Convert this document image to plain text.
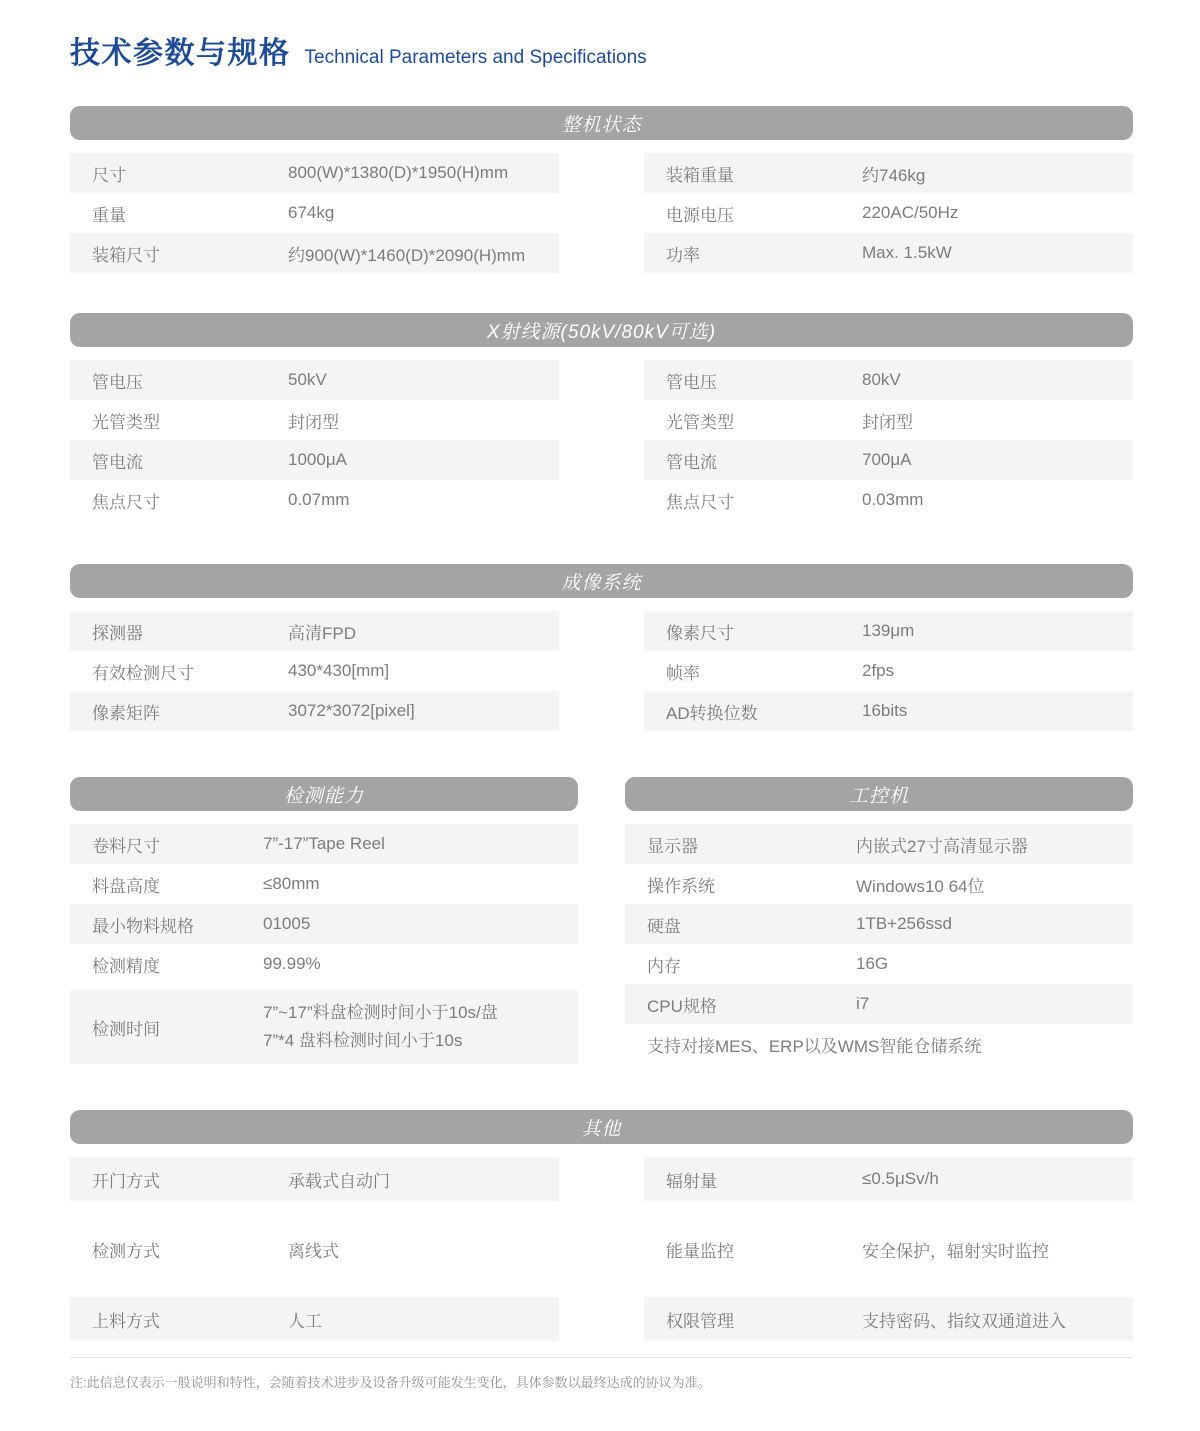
技术参数与规格 Technical Parameters and Specifications
整机状态
尺寸	800(W)*1380(D)*1950(H)mm
重量	674kg
装箱尺寸	约900(W)*1460(D)*2090(H)mm
装箱重量	约746kg
电源电压	220AC/50Hz
功率	Max. 1.5kW
X射线源(50kV/80kV可选)
管电压	50kV
光管类型	封闭型
管电流	1000μA
焦点尺寸	0.07mm
管电压	80kV
光管类型	封闭型
管电流	700μA
焦点尺寸	0.03mm
成像系统
探测器	高清FPD
有效检测尺寸	430*430[mm]
像素矩阵	3072*3072[pixel]
像素尺寸	139μm
帧率	2fps
AD转换位数	16bits
检测能力
卷料尺寸	7”-17”Tape Reel
料盘高度	≤80mm
最小物料规格	01005
检测精度	99.99%
检测时间
7”~17”料盘检测时间小于10s/盘
7”*4 盘料检测时间小于10s
工控机
显示器	内嵌式27寸高清显示器
操作系统	Windows10 64位
硬盘	1TB+256ssd
内存	16G
CPU规格	i7
支持对接MES、ERP以及WMS智能仓储系统
其他
开门方式	承载式自动门
检测方式	离线式
上料方式	人工
辐射量	≤0.5μSv/h
能量监控	安全保护，辐射实时监控
权限管理	支持密码、指纹双通道进入

注:此信息仅表示一般说明和特性，会随着技术进步及设备升级可能发生变化，具体参数以最终达成的协议为准。
